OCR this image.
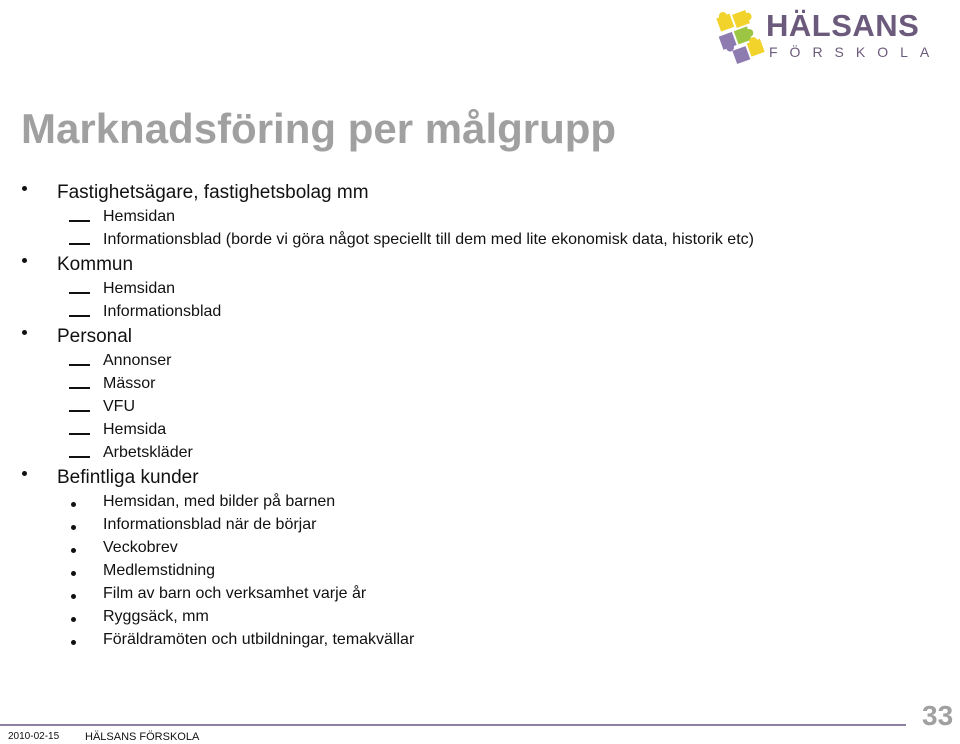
HÄLSANS
FÖRSKOLA
Marknadsföring per målgrupp
Fastighetsägare, fastighetsbolag mm
Hemsidan
Informationsblad (borde vi göra något speciellt till dem med lite ekonomisk data, historik etc)
Kommun
Hemsidan
Informationsblad
Personal
Annonser
Mässor
VFU
Hemsida
Arbetskläder
Befintliga kunder
Hemsidan, med bilder på barnen
Informationsblad när de börjar
Veckobrev
Medlemstidning
Film av barn och verksamhet varje år
Ryggsäck, mm
Föräldramöten och utbildningar, temakvällar
2010-02-15 HÄLSANS FÖRSKOLA
33
